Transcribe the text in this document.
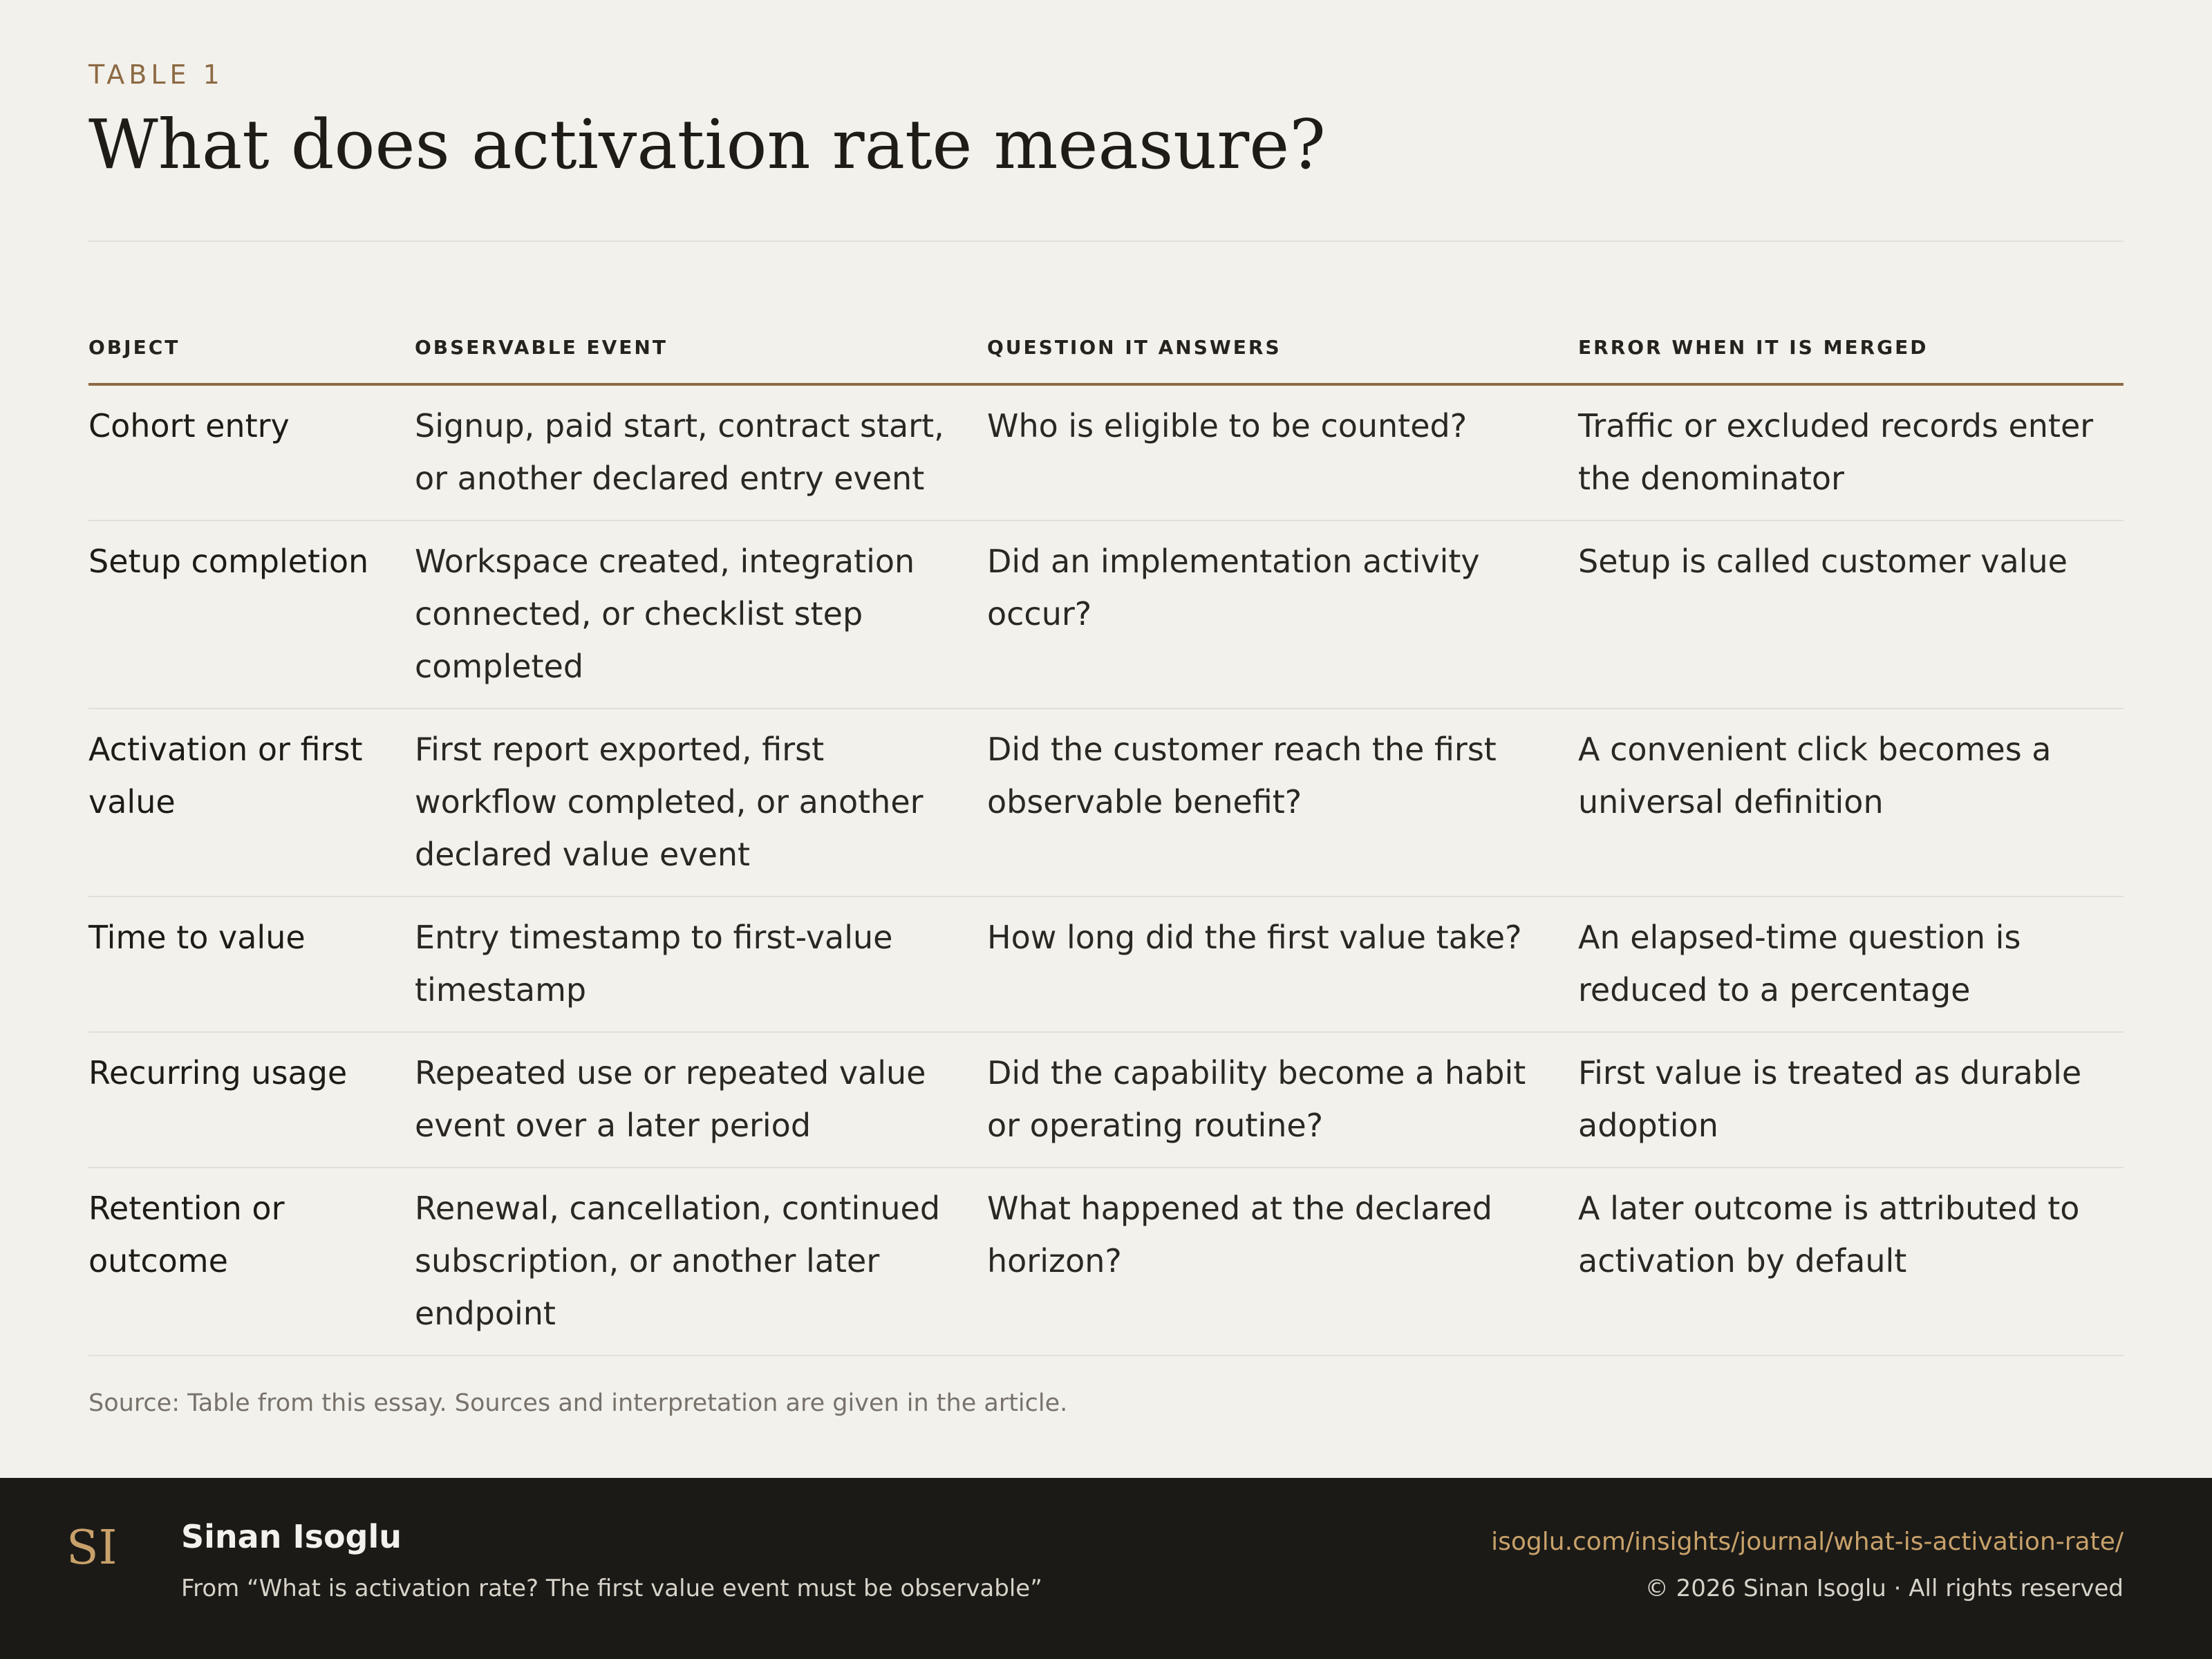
TABLE 1
What does activation rate measure?
OBJECT	OBSERVABLE EVENT	QUESTION IT ANSWERS	ERROR WHEN IT IS MERGED
Cohort entry	Signup, paid start, contract start, or another declared entry event	Who is eligible to be counted?	Traffic or excluded records enter the denominator
Setup completion	Workspace created, integration connected, or checklist step completed	Did an implementation activity occur?	Setup is called customer value
Activation or first value	First report exported, first workflow completed, or another declared value event	Did the customer reach the first observable benefit?	A convenient click becomes a universal definition
Time to value	Entry timestamp to first-value timestamp	How long did the first value take?	An elapsed-time question is reduced to a percentage
Recurring usage	Repeated use or repeated value event over a later period	Did the capability become a habit or operating routine?	First value is treated as durable adoption
Retention or outcome	Renewal, cancellation, continued subscription, or another later endpoint	What happened at the declared horizon?	A later outcome is attributed to activation by default
Source: Table from this essay. Sources and interpretation are given in the article.
SI Sinan Isoglu
From “What is activation rate? The first value event must be observable”
isoglu.com/insights/journal/what-is-activation-rate/
© 2026 Sinan Isoglu · All rights reserved
